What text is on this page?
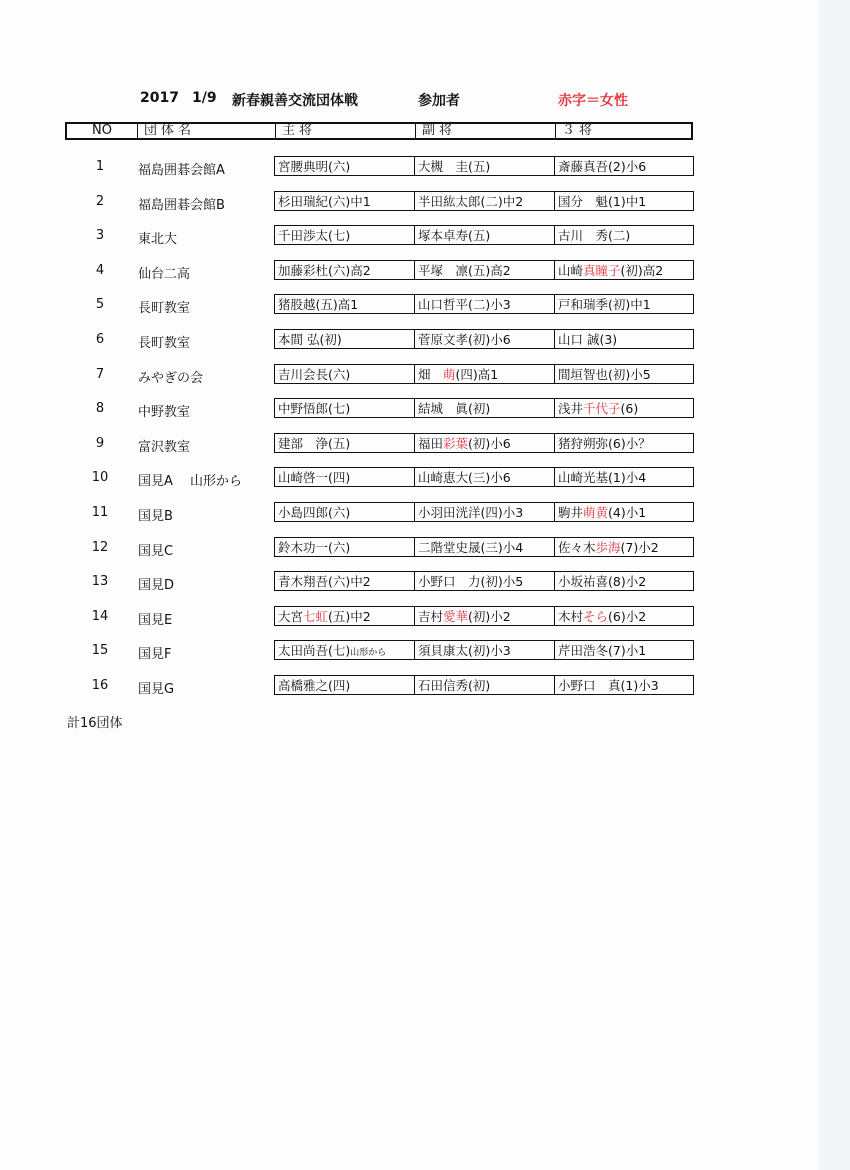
2017 1/9 新春親善交流団体戦	参加者	赤字＝女性
NO	団体名	主将	副将	３将
1	福島囲碁会館A	宮腰典明(六)	大槻　圭(五)	斎藤真吾(2)小6
2	福島囲碁会館B	杉田瑞紀(六)中1	半田紘太郎(二)中2	国分　魁(1)中1
3	東北大	千田渉太(七)	塚本卓寿(五)	古川　秀(二)
4	仙台二高	加藤彩杜(六)高2	平塚　凛(五)高2	山崎真瞳子(初)高2
5	長町教室	猪股越(五)高1	山口哲平(二)小3	戸和瑞季(初)中1
6	長町教室	本間 弘(初)	菅原文孝(初)小6	山口 誠(3)
7	みやぎの会	吉川会長(六)	畑　萌(四)高1	間垣智也(初)小5
8	中野教室	中野悟郎(七)	結城　眞(初)	浅井千代子(6)
9	富沢教室	建部　浄(五)	福田彩葉(初)小6	猪狩朔弥(6)小？
10	国見A　 山形から	山崎啓一(四)	山崎恵大(三)小6	山崎光基(1)小4
11	国見B	小島四郎(六)	小羽田洸洋(四)小3	駒井萌黄(4)小1
12	国見C	鈴木功一(六)	二階堂史晟(三)小4	佐々木歩海(7)小2
13	国見D	青木翔吾(六)中2	小野口　力(初)小5	小坂祐喜(8)小2
14	国見E	大宮七虹(五)中2	吉村愛華(初)小2	木村そら(6)小2
15	国見F	太田尚吾(七)山形から	須貝康太(初)小3	芹田浩冬(7)小1
16	国見G	高橋雅之(四)	石田信秀(初)	小野口　真(1)小3
計16団体
